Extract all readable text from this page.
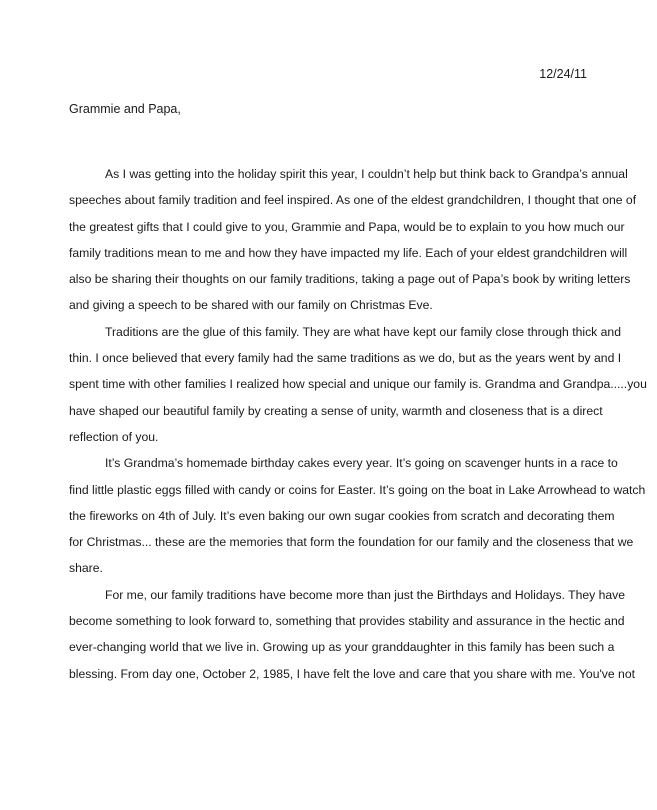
12/24/11
Grammie and Papa,

As I was getting into the holiday spirit this year, I couldn’t help but think back to Grandpa’s annual
speeches about family tradition and feel inspired. As one of the eldest grandchildren, I thought that one of
the greatest gifts that I could give to you, Grammie and Papa, would be to explain to you how much our
family traditions mean to me and how they have impacted my life. Each of your eldest grandchildren will
also be sharing their thoughts on our family traditions, taking a page out of Papa’s book by writing letters
and giving a speech to be shared with our family on Christmas Eve.

Traditions are the glue of this family. They are what have kept our family close through thick and
thin. I once believed that every family had the same traditions as we do, but as the years went by and I
spent time with other families I realized how special and unique our family is. Grandma and Grandpa.....you
have shaped our beautiful family by creating a sense of unity, warmth and closeness that is a direct
reflection of you.

It’s Grandma’s homemade birthday cakes every year. It’s going on scavenger hunts in a race to
find little plastic eggs filled with candy or coins for Easter. It’s going on the boat in Lake Arrowhead to watch
the fireworks on 4th of July. It’s even baking our own sugar cookies from scratch and decorating them
for Christmas... these are the memories that form the foundation for our family and the closeness that we
share.

For me, our family traditions have become more than just the Birthdays and Holidays. They have
become something to look forward to, something that provides stability and assurance in the hectic and
ever-changing world that we live in. Growing up as your granddaughter in this family has been such a
blessing. From day one, October 2, 1985, I have felt the love and care that you share with me. You've not
